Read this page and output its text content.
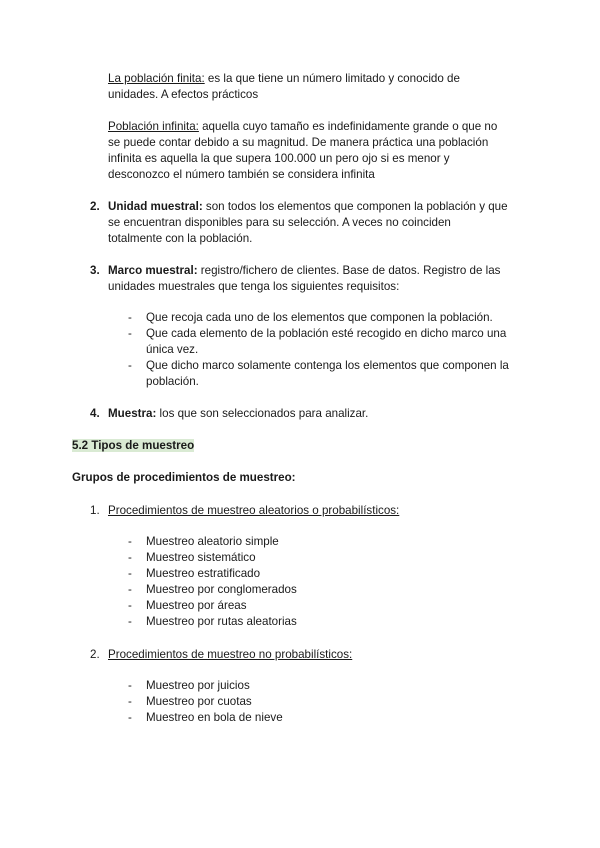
La población finita: es la que tiene un número limitado y conocido de
unidades. A efectos prácticos
Población infinita: aquella cuyo tamaño es indefinidamente grande o que no
se puede contar debido a su magnitud. De manera práctica una población
infinita es aquella la que supera 100.000 un pero ojo si es menor y
desconozco el número también se considera infinita
2. Unidad muestral: son todos los elementos que componen la población y que
se encuentran disponibles para su selección. A veces no coinciden
totalmente con la población.
3. Marco muestral: registro/fichero de clientes. Base de datos. Registro de las
unidades muestrales que tenga los siguientes requisitos:
- Que recoja cada uno de los elementos que componen la población.
- Que cada elemento de la población esté recogido en dicho marco una
única vez.
- Que dicho marco solamente contenga los elementos que componen la
población.
4. Muestra: los que son seleccionados para analizar.
5.2 Tipos de muestreo
Grupos de procedimientos de muestreo:
1. Procedimientos de muestreo aleatorios o probabilísticos:
- Muestreo aleatorio simple
- Muestreo sistemático
- Muestreo estratificado
- Muestreo por conglomerados
- Muestreo por áreas
- Muestreo por rutas aleatorias
2. Procedimientos de muestreo no probabilísticos:
- Muestreo por juicios
- Muestreo por cuotas
- Muestreo en bola de nieve
